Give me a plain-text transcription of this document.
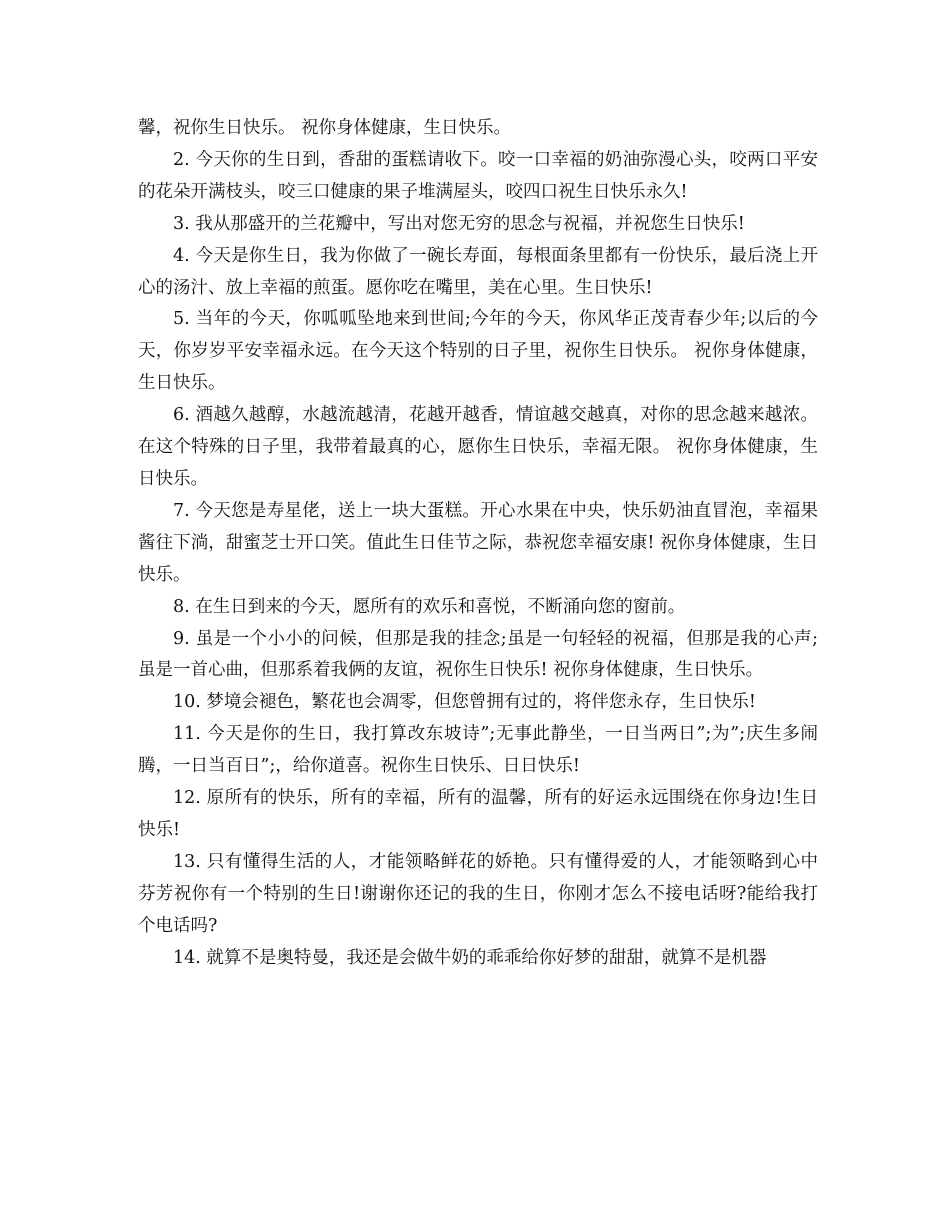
馨，祝你生日快乐。 祝你身体健康，生日快乐。

2. 今天你的生日到，香甜的蛋糕请收下。咬一口幸福的奶油弥漫心头，咬两口平安的花朵开满枝头，咬三口健康的果子堆满屋头，咬四口祝生日快乐永久!

3. 我从那盛开的兰花瓣中，写出对您无穷的思念与祝福，并祝您生日快乐!

4. 今天是你生日，我为你做了一碗长寿面，每根面条里都有一份快乐，最后浇上开心的汤汁、放上幸福的煎蛋。愿你吃在嘴里，美在心里。生日快乐!

5. 当年的今天，你呱呱坠地来到世间;今年的今天，你风华正茂青春少年;以后的今天，你岁岁平安幸福永远。在今天这个特别的日子里，祝你生日快乐。 祝你身体健康，生日快乐。

6. 酒越久越醇，水越流越清，花越开越香，情谊越交越真，对你的思念越来越浓。在这个特殊的日子里，我带着最真的心，愿你生日快乐，幸福无限。 祝你身体健康，生日快乐。

7. 今天您是寿星佬，送上一块大蛋糕。开心水果在中央，快乐奶油直冒泡，幸福果酱往下淌，甜蜜芝士开口笑。值此生日佳节之际，恭祝您幸福安康! 祝你身体健康，生日快乐。

8. 在生日到来的今天，愿所有的欢乐和喜悦，不断涌向您的窗前。

9. 虽是一个小小的问候，但那是我的挂念;虽是一句轻轻的祝福，但那是我的心声;虽是一首心曲，但那系着我俩的友谊，祝你生日快乐! 祝你身体健康，生日快乐。

10. 梦境会褪色，繁花也会凋零，但您曾拥有过的，将伴您永存，生日快乐!

11. 今天是你的生日，我打算改东坡诗”;无事此静坐，一日当两日”;为”;庆生多闹腾，一日当百日”;，给你道喜。祝你生日快乐、日日快乐!

12. 原所有的快乐，所有的幸福，所有的温馨，所有的好运永远围绕在你身边!生日快乐!

13. 只有懂得生活的人，才能领略鲜花的娇艳。只有懂得爱的人，才能领略到心中芬芳祝你有一个特别的生日!谢谢你还记的我的生日，你刚才怎么不接电话呀?能给我打个电话吗?

14. 就算不是奥特曼，我还是会做牛奶的乖乖给你好梦的甜甜，就算不是机器
